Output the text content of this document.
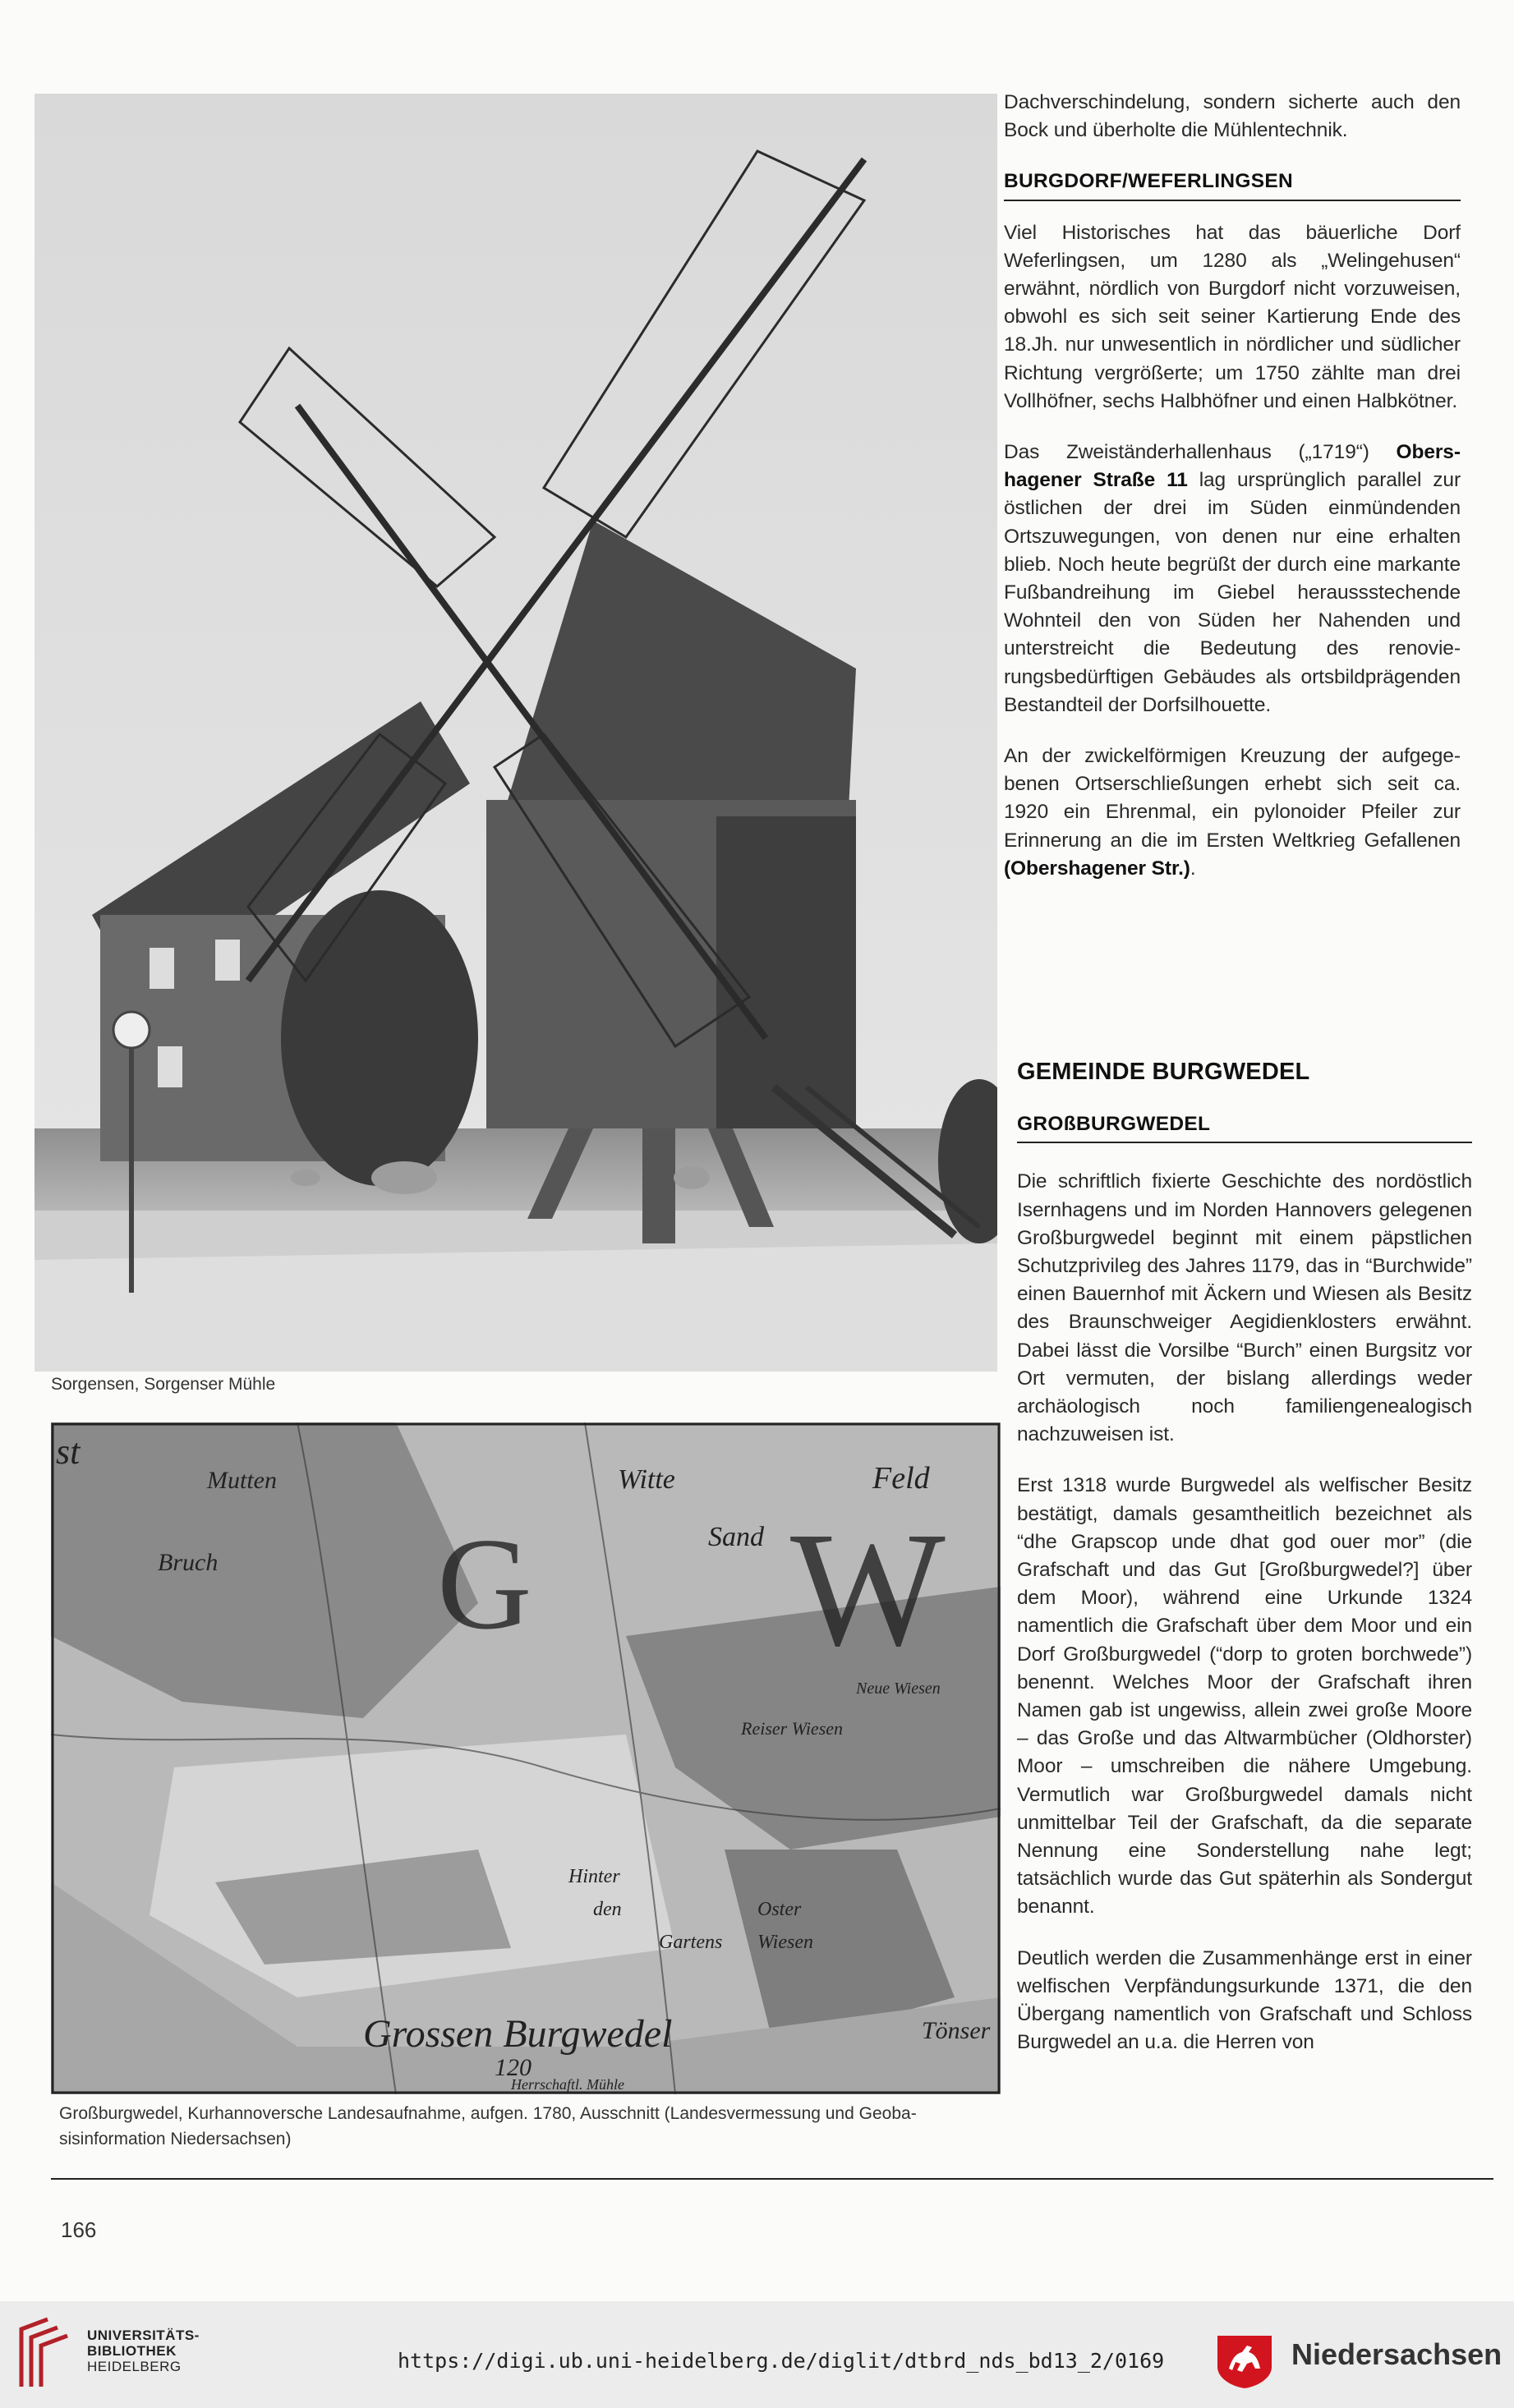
Sorgensen, Sorgenser Mühle
Mutten
Bruch
Witte	Feld
Sand
G W
Neue Wiesen
Reiser Wiesen
Hinter
den
Gartens
Oster
Wiesen
Grossen Burgwedel
120
Herrschaftl. Mühle
Tönser
st
Großburgwedel, Kurhannoversche Landesaufnahme, aufgen. 1780, Ausschnitt (Landesvermessung und Geobasisinformation Niedersachsen)

Dachverschindelung, sondern sicherte auch den Bock und überholte die Mühlentechnik.

BURGDORF/WEFERLINGSEN

Viel Historisches hat das bäuerliche Dorf Weferlingsen, um 1280 als „Welingehusen“ erwähnt, nördlich von Burgdorf nicht vorzuweisen, obwohl es sich seit seiner Kartierung Ende des 18.Jh. nur unwesentlich in nördlicher und südlicher Richtung vergrößerte; um 1750 zählte man drei Vollhöfner, sechs Halbhöfner und einen Halbkötner.

Das Zweiständerhallenhaus („1719“) Obershagener Straße 11 lag ursprünglich parallel zur östlichen der drei im Süden einmündenden Ortszuwegungen, von denen nur eine erhalten blieb. Noch heute begrüßt der durch eine markante Fußbandreihung im Giebel heraussstechende Wohnteil den von Süden her Nahenden und unterstreicht die Bedeutung des renovierungsbedürftigen Gebäudes als ortsbildprägenden Bestandteil der Dorfsilhouette.

An der zwickelförmigen Kreuzung der aufgegebenen Ortserschließungen erhebt sich seit ca. 1920 ein Ehrenmal, ein pylonoider Pfeiler zur Erinnerung an die im Ersten Weltkrieg Gefallenen (Obershagener Str.).

GEMEINDE BURGWEDEL
GROßBURGWEDEL

Die schriftlich fixierte Geschichte des nordöstlich Isernhagens und im Norden Hannovers gelegenen Großburgwedel beginnt mit einem päpstlichen Schutzprivileg des Jahres 1179, das in “Burchwide” einen Bauernhof mit Äckern und Wiesen als Besitz des Braunschweiger Aegidienklosters erwähnt. Dabei lässt die Vorsilbe “Burch” einen Burgsitz vor Ort vermuten, der bislang allerdings weder archäologisch noch familiengenealogisch nachzuweisen ist.

Erst 1318 wurde Burgwedel als welfischer Besitz bestätigt, damals gesamtheitlich bezeichnet als “dhe Grapscop unde dhat god ouer mor” (die Grafschaft und das Gut [Großburgwedel?] über dem Moor), während eine Urkunde 1324 namentlich die Grafschaft über dem Moor und ein Dorf Großburgwedel (“dorp to groten borchwede”) benennt. Welches Moor der Grafschaft ihren Namen gab ist ungewiss, allein zwei große Moore – das Große und das Altwarmbücher (Oldhorster) Moor – umschreiben die nähere Umgebung. Vermutlich war Großburgwedel damals nicht unmittelbar Teil der Grafschaft, da die separate Nennung eine Sonderstellung nahe legt; tatsächlich wurde das Gut späterhin als Sondergut benannt.

Deutlich werden die Zusammenhänge erst in einer welfischen Verpfändungsurkunde 1371, die den Übergang namentlich von Grafschaft und Schloss Burgwedel an u.a. die Herren von

166
UNIVERSITÄTS-
BIBLIOTHEK
HEIDELBERG	https://digi.ub.uni-heidelberg.de/diglit/dtbrd_nds_bd13_2/0169	Niedersachsen
